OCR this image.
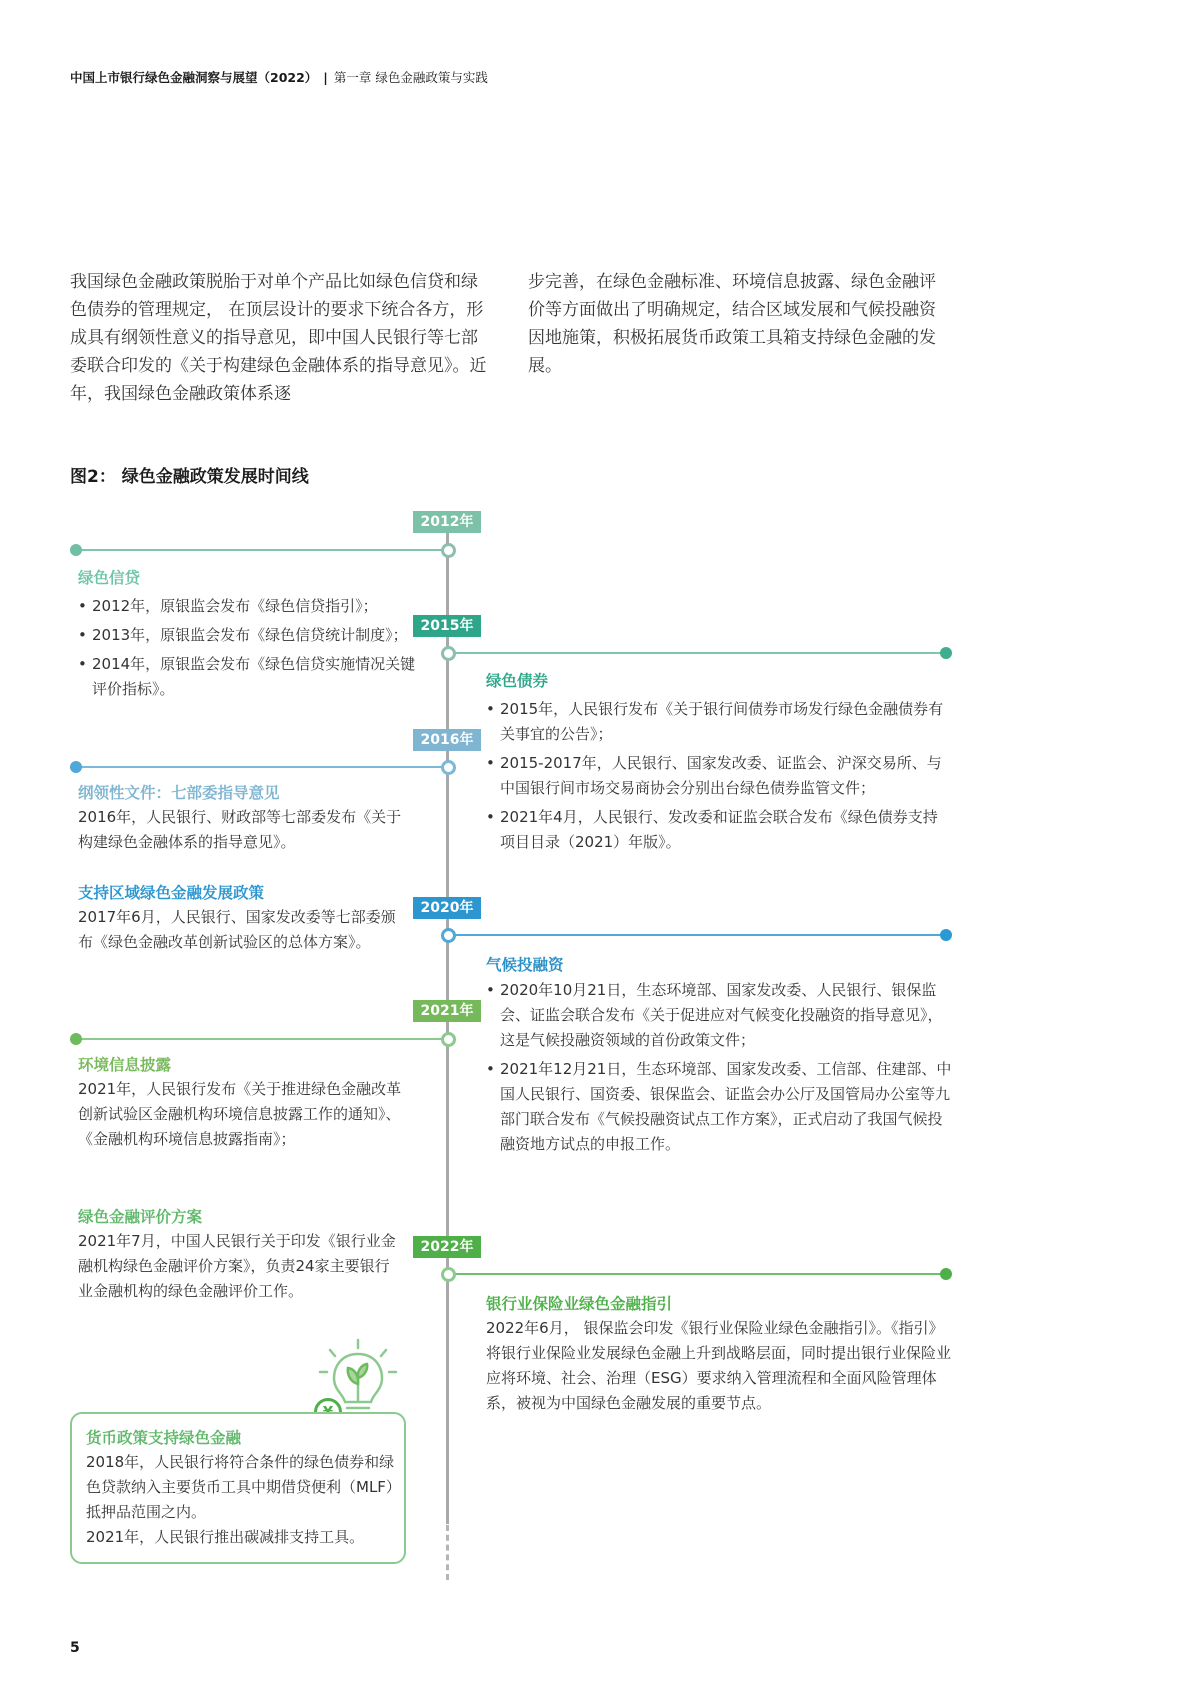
中国上市银行绿色金融洞察与展望（2022） | 第一章 绿色金融政策与实践
我国绿色金融政策脱胎于对单个产品比如绿色信贷和绿色债券的管理规定， 在顶层设计的要求下统合各方，形成具有纲领性意义的指导意见，即中国人民银行等七部委联合印发的《关于构建绿色金融体系的指导意见》。近年，我国绿色金融政策体系逐
步完善，在绿色金融标准、环境信息披露、绿色金融评价等方面做出了明确规定，结合区域发展和气候投融资因地施策，积极拓展货币政策工具箱支持绿色金融的发展。
图2： 绿色金融政策发展时间线
2012年
2015年
2016年
2020年
2021年
2022年
绿色信贷
• 2012年，原银监会发布《绿色信贷指引》；
• 2013年，原银监会发布《绿色信贷统计制度》；
• 2014年，原银监会发布《绿色信贷实施情况关键评价指标》。	绿色债券
• 2015年，人民银行发布《关于银行间债券市场发行绿色金融债券有关事宜的公告》；
• 2015-2017年，人民银行、国家发改委、证监会、沪深交易所、与中国银行间市场交易商协会分别出台绿色债券监管文件；
• 2021年4月，人民银行、发改委和证监会联合发布《绿色债券支持项目目录（2021）年版》。
纲领性文件：七部委指导意见
2016年，人民银行、财政部等七部委发布《关于构建绿色金融体系的指导意见》。
支持区域绿色金融发展政策
2017年6月，人民银行、国家发改委等七部委颁布《绿色金融改革创新试验区的总体方案》。
气候投融资
• 2020年10月21日，生态环境部、国家发改委、人民银行、银保监会、证监会联合发布《关于促进应对气候变化投融资的指导意见》，这是气候投融资领域的首份政策文件；
• 2021年12月21日，生态环境部、国家发改委、工信部、住建部、中国人民银行、国资委、银保监会、证监会办公厅及国管局办公室等九部门联合发布《气候投融资试点工作方案》，正式启动了我国气候投融资地方试点的申报工作。
环境信息披露
2021年，人民银行发布《关于推进绿色金融改革创新试验区金融机构环境信息披露工作的通知》、《金融机构环境信息披露指南》；
绿色金融评价方案
2021年7月，中国人民银行关于印发《银行业金融机构绿色金融评价方案》，负责24家主要银行业金融机构的绿色金融评价工作。
银行业保险业绿色金融指引
2022年6月， 银保监会印发《银行业保险业绿色金融指引》。《指引》将银行业保险业发展绿色金融上升到战略层面，同时提出银行业保险业应将环境、社会、治理（ESG）要求纳入管理流程和全面风险管理体系，被视为中国绿色金融发展的重要节点。
货币政策支持绿色金融
2018年，人民银行将符合条件的绿色债券和绿色贷款纳入主要货币工具中期借贷便利（MLF）抵押品范围之内。
2021年，人民银行推出碳减排支持工具。
5
